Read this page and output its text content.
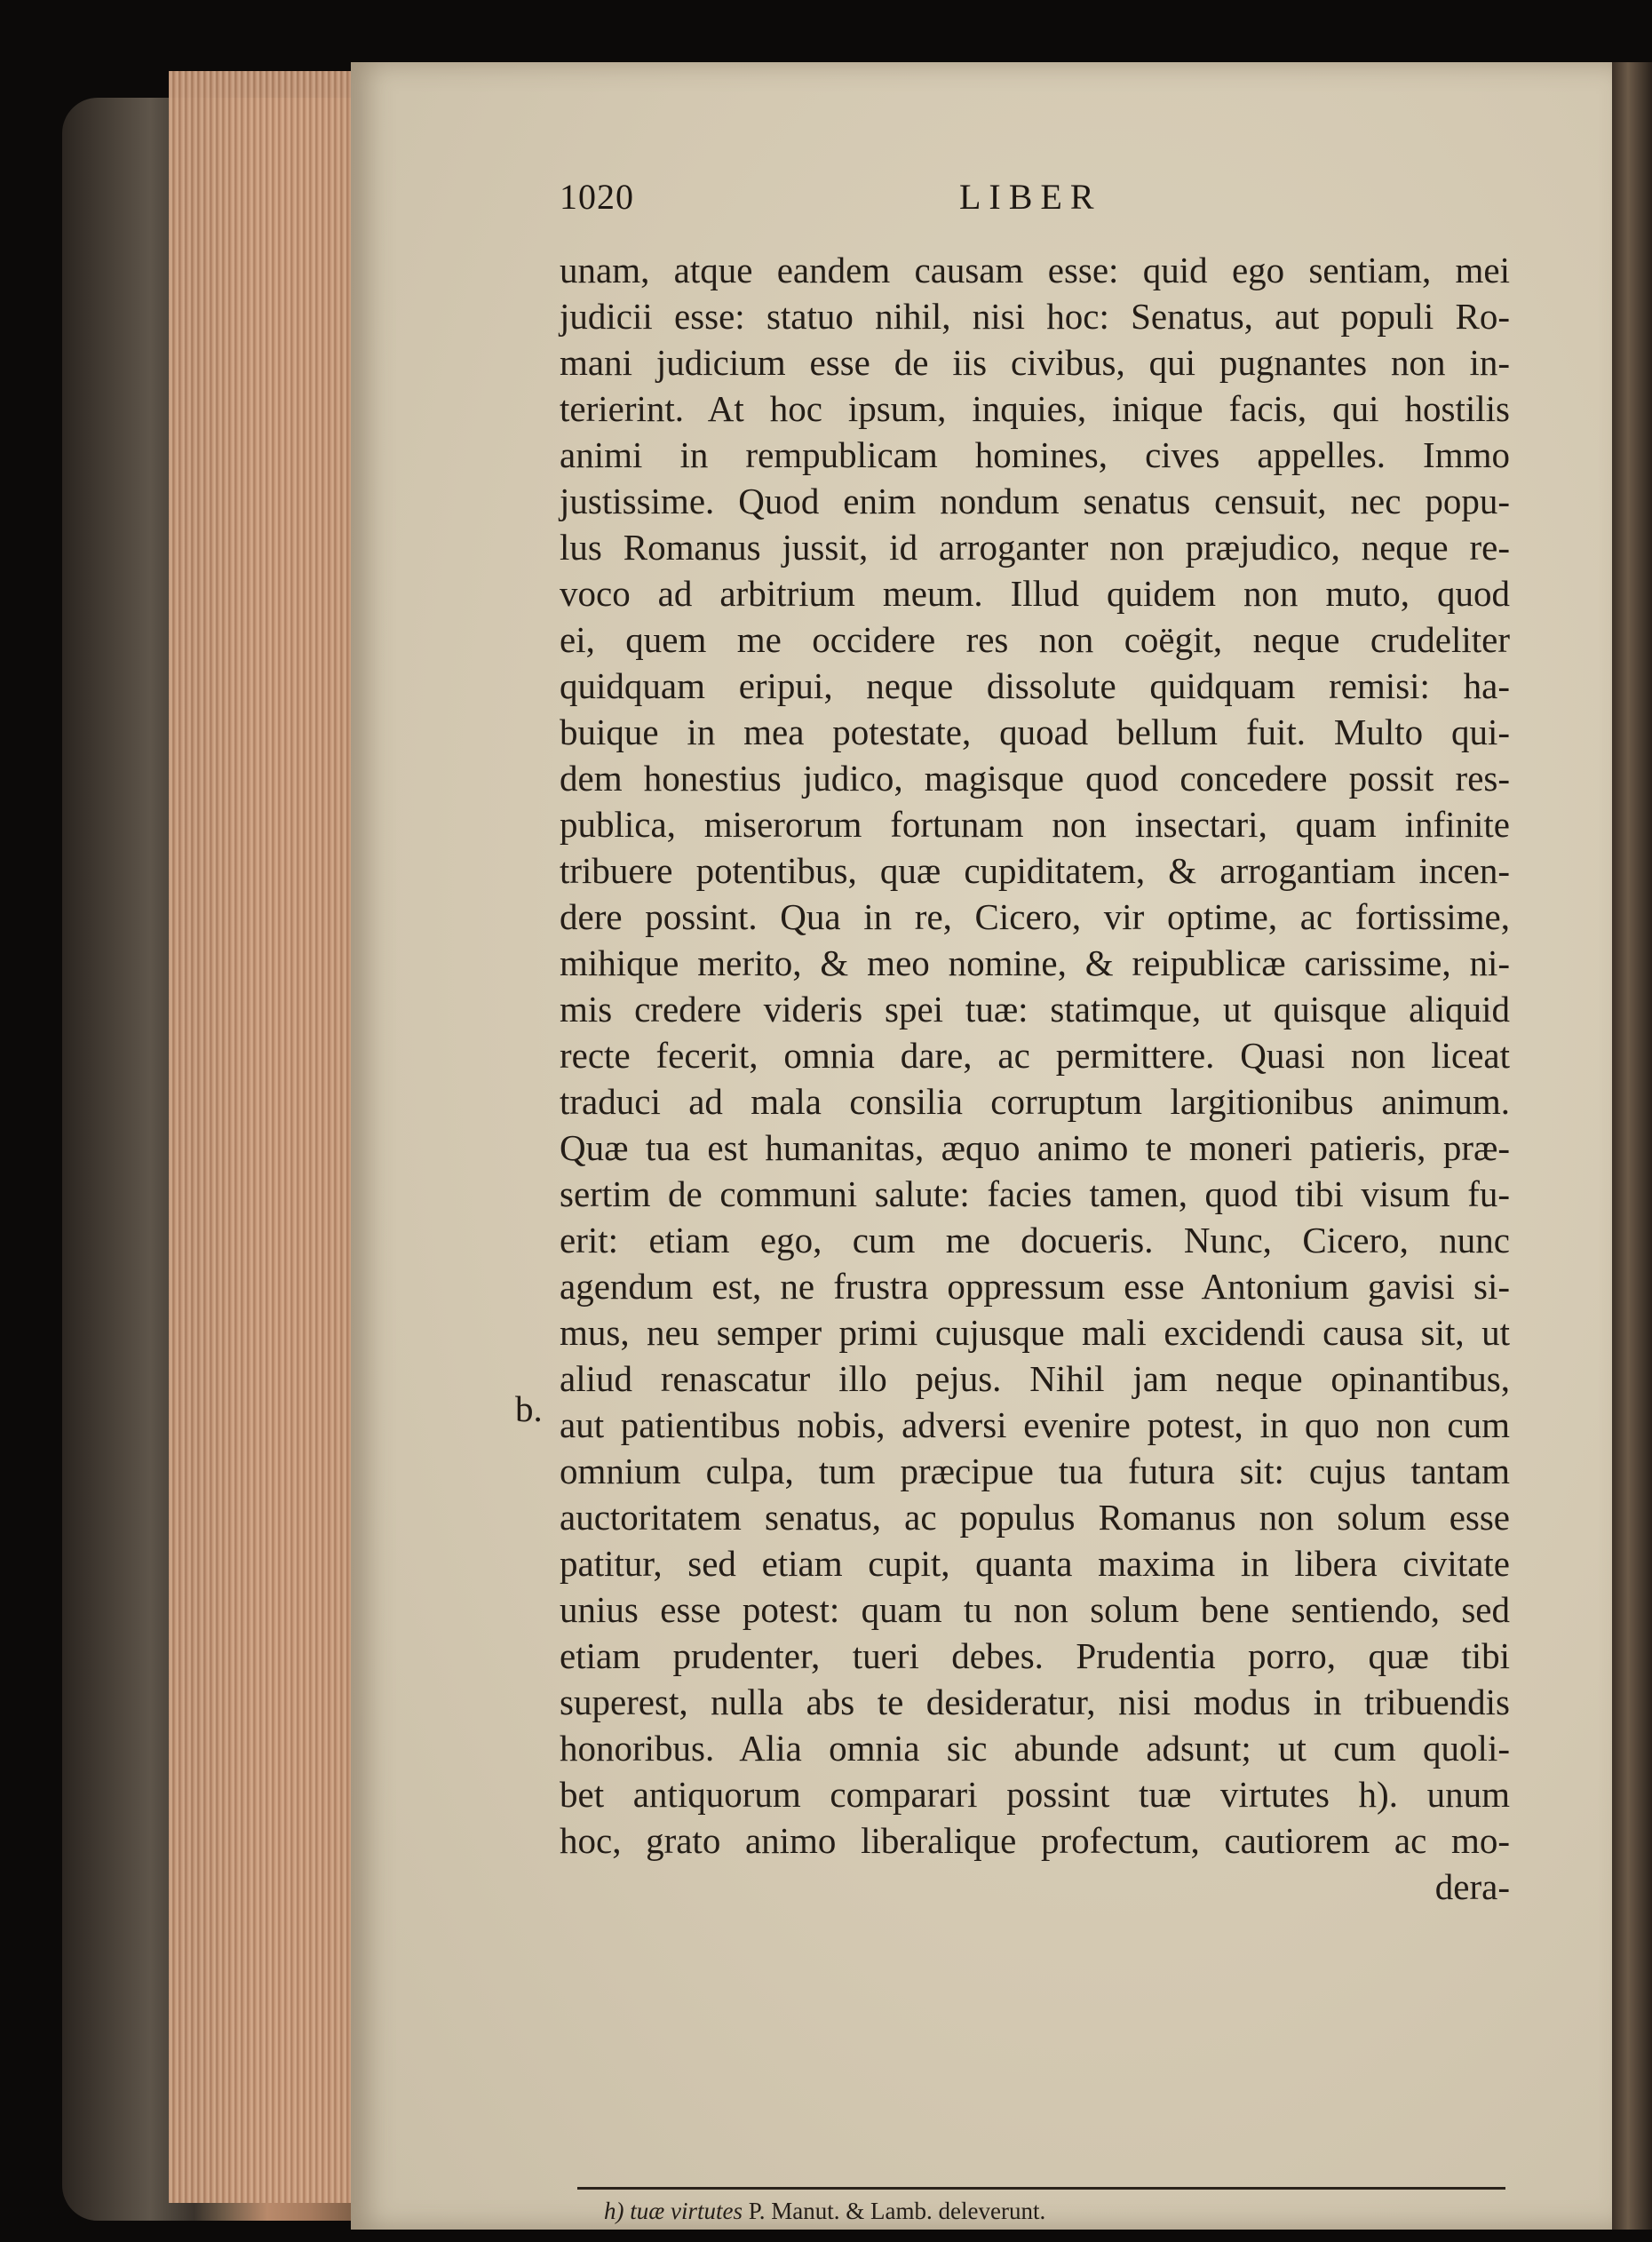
1020	LIBER
unam, atque eandem causam esse: quid ego sentiam, mei
judicii esse: statuo nihil, nisi hoc: Senatus, aut populi Ro-
mani judicium esse de iis civibus, qui pugnantes non in-
terierint. At hoc ipsum, inquies, inique facis, qui hostilis
animi in rempublicam homines, cives appelles. Immo
justissime. Quod enim nondum senatus censuit, nec popu-
lus Romanus jussit, id arroganter non præjudico, neque re-
voco ad arbitrium meum. Illud quidem non muto, quod
ei, quem me occidere res non coëgit, neque crudeliter
quidquam eripui, neque dissolute quidquam remisi: ha-
buique in mea potestate, quoad bellum fuit. Multo qui-
dem honestius judico, magisque quod concedere possit res-
publica, miserorum fortunam non insectari, quam infinite
tribuere potentibus, quæ cupiditatem, & arrogantiam incen-
dere possint. Qua in re, Cicero, vir optime, ac fortissime,
mihique merito, & meo nomine, & reipublicæ carissime, ni-
mis credere videris spei tuæ: statimque, ut quisque aliquid
recte fecerit, omnia dare, ac permittere. Quasi non liceat
traduci ad mala consilia corruptum largitionibus animum.
Quæ tua est humanitas, æquo animo te moneri patieris, præ-
sertim de communi salute: facies tamen, quod tibi visum fu-
erit: etiam ego, cum me docueris. Nunc, Cicero, nunc
agendum est, ne frustra oppressum esse Antonium gavisi si-
mus, neu semper primi cujusque mali excidendi causa sit, ut
aliud renascatur illo pejus. Nihil jam neque opinantibus,
aut patientibus nobis, adversi evenire potest, in quo non cum
omnium culpa, tum præcipue tua futura sit: cujus tantam
auctoritatem senatus, ac populus Romanus non solum esse
patitur, sed etiam cupit, quanta maxima in libera civitate
unius esse potest: quam tu non solum bene sentiendo, sed
etiam prudenter, tueri debes. Prudentia porro, quæ tibi
superest, nulla abs te desideratur, nisi modus in tribuendis
honoribus. Alia omnia sic abunde adsunt; ut cum quoli-
bet antiquorum comparari possint tuæ virtutes h). unum
hoc, grato animo liberalique profectum, cautiorem ac mo-
dera-
b.
h) tuæ virtutes P. Manut. & Lamb. deleverunt.
